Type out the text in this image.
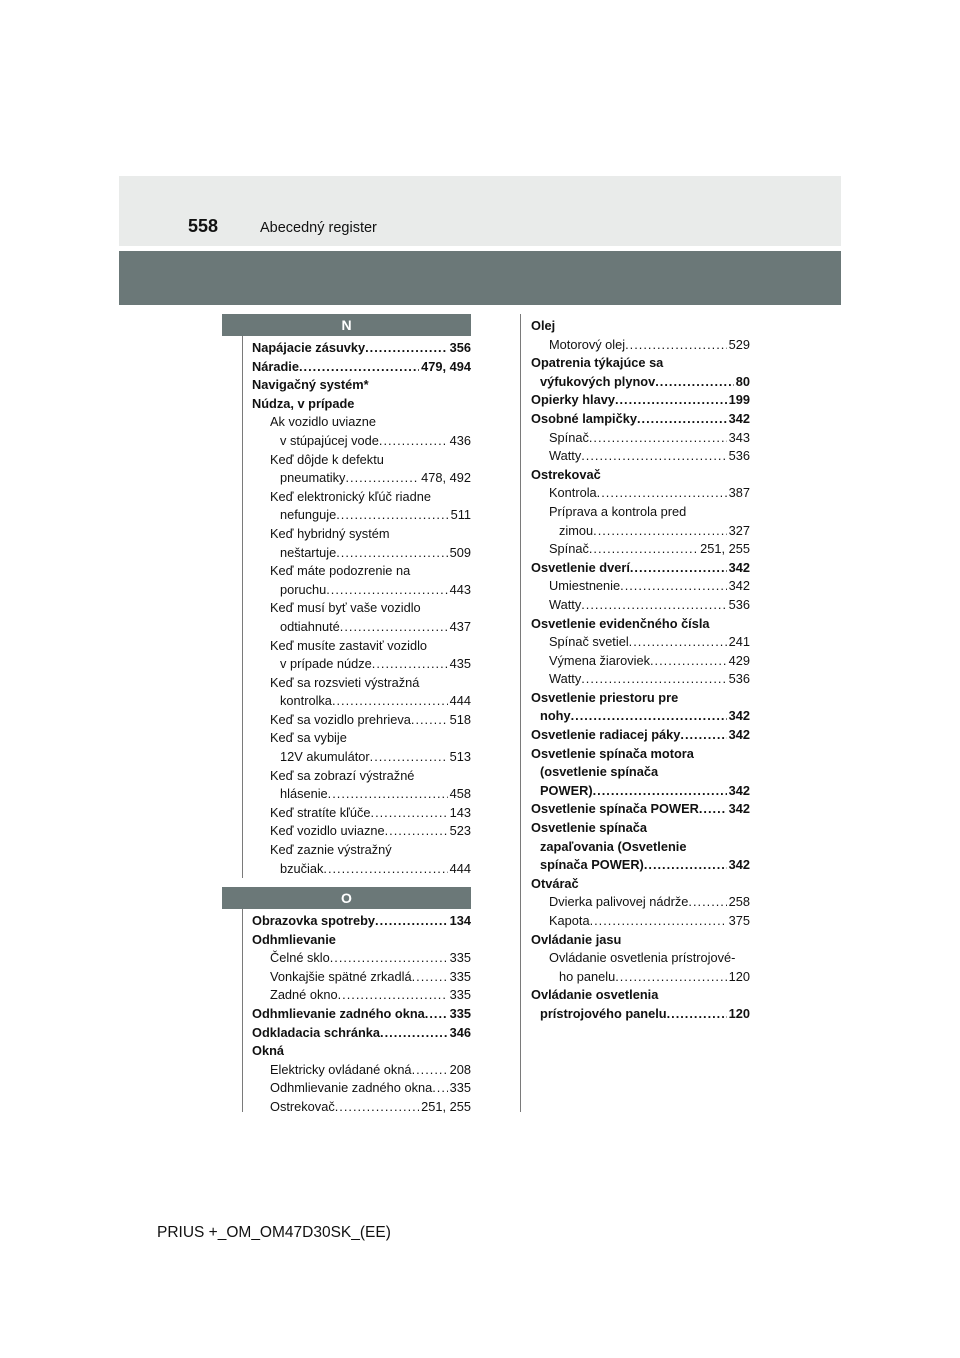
558	Abecedný register
N
Napájacie zásuvky .....	356
Náradie .....	479, 494
Navigačný systém*
Núdza, v prípade
Ak vozidlo uviazne
v stúpajúcej vode .....	436
Keď dôjde k defektu
pneumatiky .....	478, 492
Keď elektronický kľúč riadne
nefunguje .....	511
Keď hybridný systém
neštartuje .....	509
Keď máte podozrenie na
poruchu .....	443
Keď musí byť vaše vozidlo
odtiahnuté .....	437
Keď musíte zastaviť vozidlo
v prípade núdze .....	435
Keď sa rozsvieti výstražná
kontrolka .....	444
Keď sa vozidlo prehrieva .....	518
Keď sa vybije
12V akumulátor .....	513
Keď sa zobrazí výstražné
hlásenie .....	458
Keď stratíte kľúče .....	143
Keď vozidlo uviazne .....	523
Keď zaznie výstražný
bzučiak .....	444
O
Obrazovka spotreby .....	134
Odhmlievanie
Čelné sklo .....	335
Vonkajšie spätné zrkadlá .....	335
Zadné okno .....	335
Odhmlievanie zadného okna ..... 335
Odkladacia schránka .....	346
Okná
Elektricky ovládané okná .....	208
Odhmlievanie zadného okna ..... 335
Ostrekovač .....	251, 255
Olej
Motorový olej .....	529
Opatrenia týkajúce sa
výfukových plynov .....	80
Opierky hlavy .....	199
Osobné lampičky .....	342
Spínač .....	343
Watty .....	536
Ostrekovač
Kontrola .....	387
Príprava a kontrola pred
zimou .....	327
Spínač .....	251, 255
Osvetlenie dverí .....	342
Umiestnenie .....	342
Watty .....	536
Osvetlenie evidenčného čísla
Spínač svetiel .....	241
Výmena žiaroviek .....	429
Watty .....	536
Osvetlenie priestoru pre
nohy .....	342
Osvetlenie radiacej páky .....	342
Osvetlenie spínača motora
(osvetlenie spínača
POWER) .....	342
Osvetlenie spínača POWER ..... 342
Osvetlenie spínača
zapaľovania (Osvetlenie
spínača POWER) .....	342
Otvárač
Dvierka palivovej nádrže .....	258
Kapota .....	375
Ovládanie jasu
Ovládanie osvetlenia prístrojové-
ho panelu .....	120
Ovládanie osvetlenia
prístrojového panelu .....	120
PRIUS +_OM_OM47D30SK_(EE)
